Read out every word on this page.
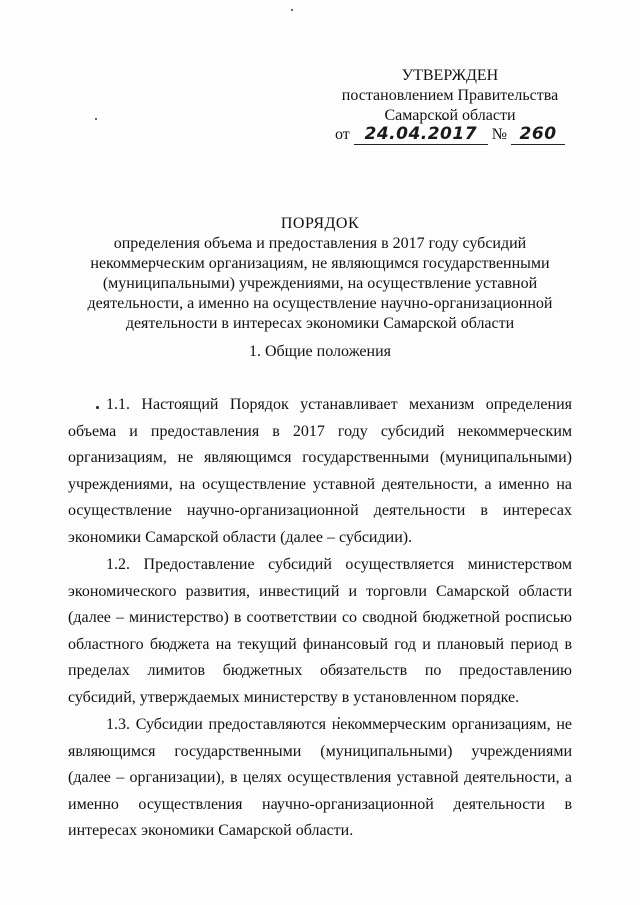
УТВЕРЖДЕН
постановлением Правительства
Самарской области
от 24.04.2017 № 260
ПОРЯДОК
определения объема и предоставления в 2017 году субсидий некоммерческим организациям, не являющимся государственными (муниципальными) учреждениями, на осуществление уставной деятельности, а именно на осуществление научно-организационной деятельности в интересах экономики Самарской области
1. Общие положения

1.1. Настоящий Порядок устанавливает механизм определения объема и предоставления в 2017 году субсидий некоммерческим организациям, не являющимся государственными (муниципальными) учреждениями, на осуществление уставной деятельности, а именно на осуществление научно-организационной деятельности в интересах экономики Самарской области (далее – субсидии).

1.2. Предоставление субсидий осуществляется министерством экономического развития, инвестиций и торговли Самарской области (далее – министерство) в соответствии со сводной бюджетной росписью областного бюджета на текущий финансовый год и плановый период в пределах лимитов бюджетных обязательств по предоставлению субсидий, утверждаемых министерству в установленном порядке.

1.3. Субсидии предоставляются некоммерческим организациям, не являющимся государственными (муниципальными) учреждениями (далее – организации), в целях осуществления уставной деятельности, а именно осуществления научно-организационной деятельности в интересах экономики Самарской области.
